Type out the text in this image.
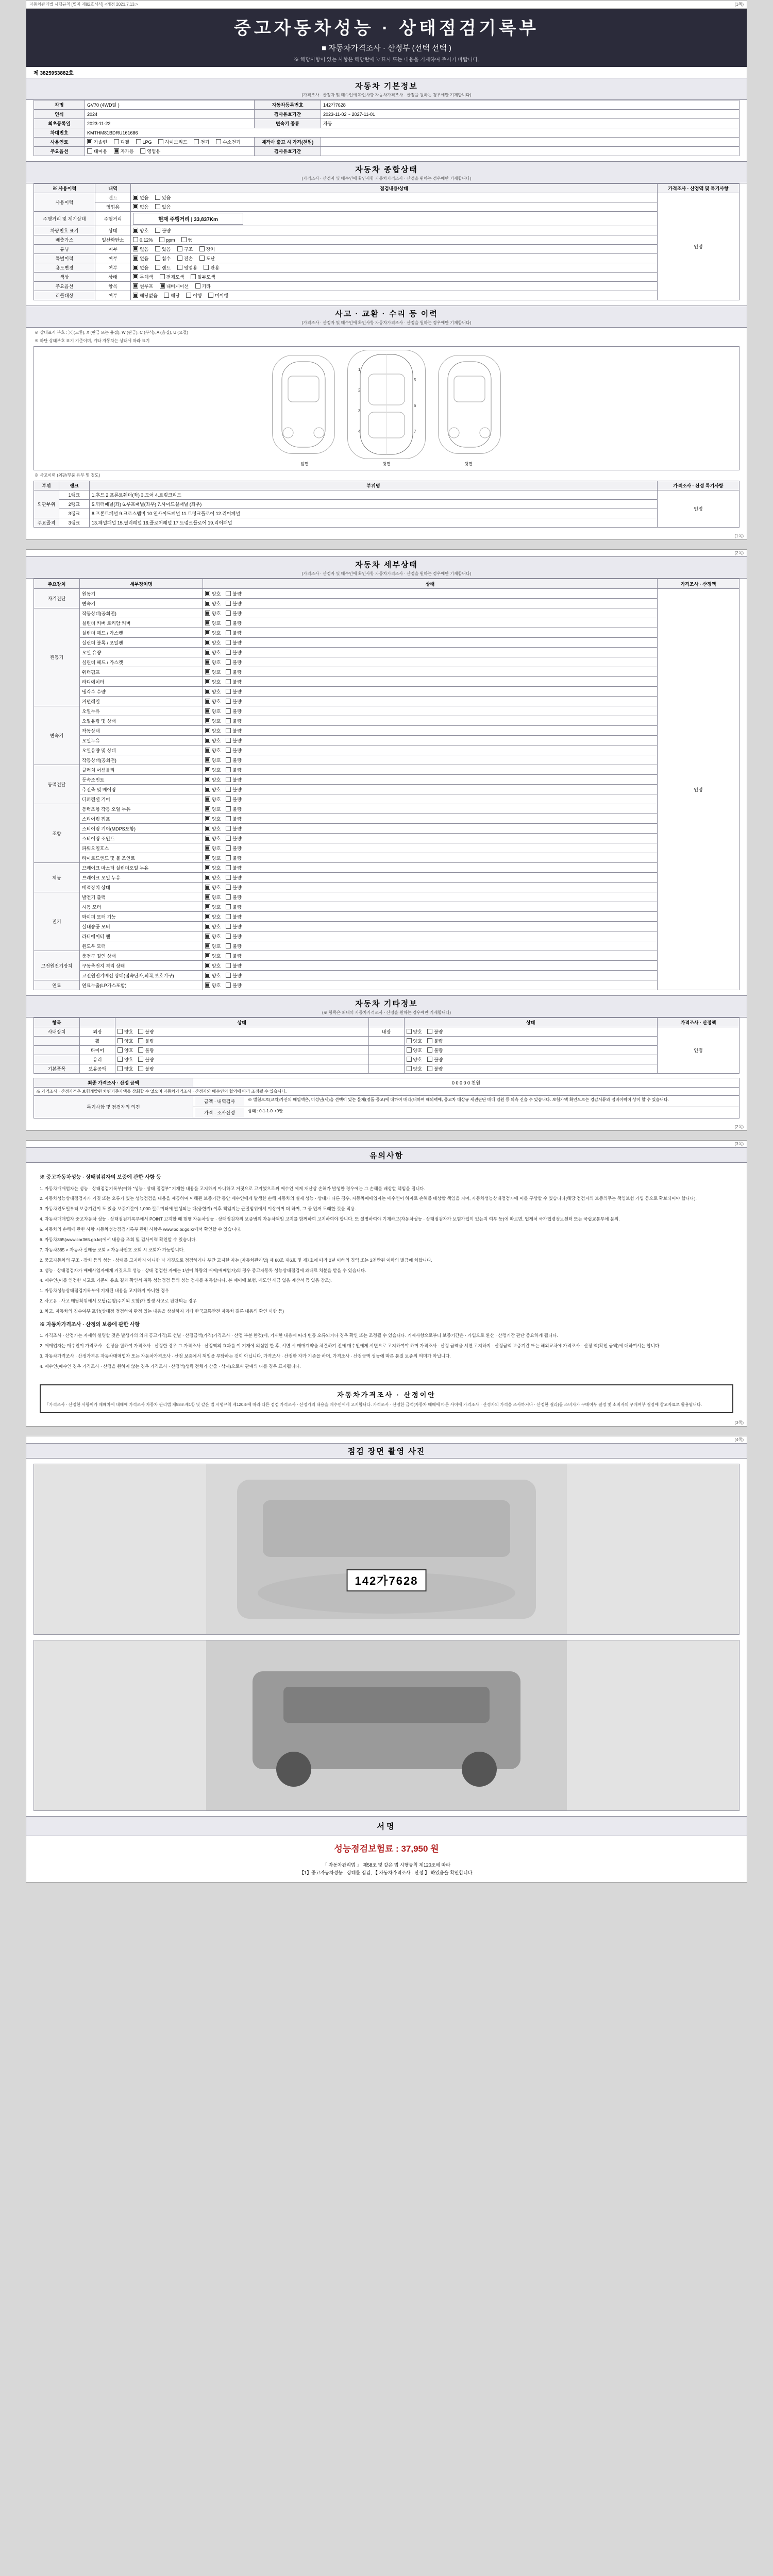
자동차관리법 시행규칙 [별지 제82호서식] <개정 2021.7.13.>	(1쪽)
중고자동차성능 · 상태점검기록부
■ 자동차가격조사 · 산정부 (선택 선택 )
※ 해당사항이 있는 사항은 해당란에 ∨표시 또는 내용을 기재하여 주시기 바랍니다.
제 3825953882호
자동차 기본정보
(가격조사 · 산정자 및 매수인에 확인사항 자동차가격조사 · 산정을 원하는 경우에만 기재합니다)
차명	GV70 (4WD일 )	자동차등록번호	142가7628
연식	2024	검사유효기간	2023-11-02 ~ 2027-11-01
최초등록일	2023-11-22	변속기 종류	자동
차대번호	KMTHM81BDRU161686		
사용연료	가솔린 디젤 LPG 하이브리드 전기 수소전기	제작사 출고 시 가격(천원)	
주요옵션	대여용 자가용 영업용	검사유효기간	
자동차 종합상태
(가격조사 · 산정자 및 매수인에 확인사항 자동차가격조사 · 산정을 원하는 경우에만 기재합니다)
※ 사용이력	내역	점검내용/상태	가격조사 · 산정액 및 특기사항
사용이력	렌트	없음 있음	인정
	영업용	없음 있음	
주행거리 및 계기상태	주행거리	현재 주행거리 | 33,837Km	
차량번호 표기	상태	양호 불량	
배출가스	일산화탄소	0.12% ppm %	
튜닝	여부	없음 있음 구조 장치	
특별이력	여부	없음 침수 전손 도난	
용도변경	여부	없음 렌트 영업용 관용	
색상	상태	무채색 전체도색 일부도색	
주요옵션	항목	썬루프 내비게이션 기타	
리콜대상	여부	해당없음 해당 이행 미이행	
사고 · 교환 · 수리 등 이력
(가격조사 · 산정자 및 매수인에 확인사항 자동차가격조사 · 산정을 원하는 경우에만 기재합니다)
※ 상태표시 부호 : ╳ (교환), X (판금 또는 용접), W (판금), C (부식), A (흠집), U (요철)
※ 하단 상태부호 표기 기준이며, 기타 자동차는 상태에 따라 표기
1
2
3
4
5
6
7
앞면	윗면	뒷면
※ 사고이력 (외판/부품 유무 및 정도)
부위	랭크	부위명	가격조사 · 산정 특기사항
외판부위	1랭크	1.후드 2.프론트휀더(좌) 3.도어 4.트렁크리드	인정
	2랭크	5.쿼터패널(좌) 6.루프패널(좌우) 7.사이드실패널 (좌우)	
	3랭크	8.프론트패널 9.크로스멤버 10.인사이드패널 11.트렁크플로어 12.리어패널	
주요골격	3랭크	13.패널패널 15.필러패널 16.플로어패널 17.트렁크플로어 19.리어패널	
(1쪽)
(2쪽)
자동차 세부상태
(가격조사 · 산정자 및 매수인에 확인사항 자동차가격조사 · 산정을 원하는 경우에만 기재합니다)
주요장치	세부장치명	상태	가격조사 · 산정액
자기진단	원동기	양호 불량	인정
	변속기	양호 불량	
원동기	작동상태(공회전)	양호 불량	
	실린더 커버 로커암 커버	양호 불량	
	실린더 헤드 / 가스켓	양호 불량	
	실린더 블록 / 오일팬	양호 불량	
	오일 유량	양호 불량	
	실린더 헤드 / 가스켓	양호 불량	
	워터펌프	양호 불량	
	라디에이터	양호 불량	
	냉각수 수량	양호 불량	
	커먼레일	양호 불량	
변속기	오일누유	양호 불량	
	오일유량 및 상태	양호 불량	
	작동상태	양호 불량	
	오일누유	양호 불량	
	오일유량 및 상태	양호 불량	
	작동상태(공회전)	양호 불량	
동력전달	클러치 어셈블리	양호 불량	
	등속조인트	양호 불량	
	추진축 및 베어링	양호 불량	
	디퍼렌셜 기어	양호 불량	
조향	동력조향 작동 오일 누유	양호 불량	
	스티어링 펌프	양호 불량	
	스티어링 기어(MDPS포함)	양호 불량	
	스티어링 조인트	양호 불량	
	파워오일호스	양호 불량	
	타이로드엔드 및 볼 조인트	양호 불량	
제동	브레이크 마스터 실린더오일 누유	양호 불량	
	브레이크 오일 누유	양호 불량	
	배력장치 상태	양호 불량	
전기	발전기 출력	양호 불량	
	시동 모터	양호 불량	
	와이퍼 모터 기능	양호 불량	
	실내송풍 모터	양호 불량	
	라디에이터 팬	양호 불량	
	윈도우 모터	양호 불량	
고전원전기장치	충전구 절연 상태	양호 불량	
	구동축전지 격리 상태	양호 불량	
	고전원전기배선 상태(접속단자,피복,보호기구)	양호 불량	
연료	연료누출(LP가스포함)	양호 불량	
자동차 기타정보
(※ 항목은 최대의 자동차가격조사 · 산정을 원하는 경우에만 기재합니다)
항목		상태		상태	가격조사 · 산정액
사내장치	외장	양호 불량	내장	양호 불량	인정
	휠	양호 불량		양호 불량	
	타이어	양호 불량		양호 불량	
	유리	양호 불량		양호 불량	
기본품목	보유공백	양호 불량		양호 불량	
최종 가격조사 · 산정 금액	0 0 0 0 0 천원
※ 가격조사 · 산정가격은 보험개발원 차량기준가액을 상회할 수 없으며 자동차가격조사 · 산정자와 매수인의 협의에 따라 조정될 수 있습니다.	
특기사항 및 점검자의 의견	금액 · 내역검사 ※ 별첨으로(교차)가산의 매입액은, 미성년(세)을 선택이 있는 물체(정품·중고)에 대하여 매각(대하여 해외팩에, 중고차 매상규 세권판단 매매 임원 등 외측 신을 수 있습니다. 보험가액 확인으로는 경감서류와 점비이력이 상이 할 수 있습니다.

	가격 · 조사산정 상태 : 0-1-1-0ㅋ0안
(2쪽)
(3쪽)
유의사항
※ 중고자동차성능 · 상태점검자의 보증에 관한 사항 등

1. 자동차매매업자는 성능 · 상태점검기록부(이하 "성능 · 상태 점검부" 기재한 내용을 고지하지 아니하고 거짓으로 고지했으로써 매수인 에게 재산상 손해가 발생한 경우에는 그 손해를 배상할 책임을 집니다.

2. 자동차성능상태점검자가 거짓 또는 오류가 있는 성능점검을 내용을 제공하여 이해된 보증기간 동안 매수인에게 발생한 손해 자동차의 실제 성능 · 상태가 다른 경우, 자동차매매업자는 매수인이 하자로 손해를 배상할 책임을 지며, 자동차성능상태점검자에 이를 구상할 수 있습니다(해당 점검자의 보증의무는 책임보험 가입 등으로 확보되어야 합니다).

3. 자동차인도일부터 보증기간이 도 있을 보증기간이 1,000 킬로미터에 발생되는 대(중한지) 이후 책임지는 근절범위에서 이상이며 더 하며, 그 중 먼저 도래한 것을 적용.

4. 자동차매매업자 중고자동차 성능 · 상태점검기록부에서 POINT 고지할 때 현행 자동차성능 · 상태점검자의 보증범위 자동차책임 고지를 함께하여 고지하여야 합니다. 또 설명하여야 기재하고(자동차성능 · 상태점검자가 보험가입이 있는지 여부 등)에 따르면, 법제처 국가법령정보센터 또는 국립교통부에 문의.

5. 자동차의 손해에 관한 사항 자동차성능점검기록부 관련 사항은 www.bo.or.go.kr에서 확인할 수 있습니다.

6. 자동차365(www.car365.go.kr)에서 내용을 조회 및 검사이력 확인할 수 있습니다.

7. 자동차365 > 자동차 실매물 조회 > 자동차번호 조회 시 조회가 가능합니다.

2. 중고자동차의 구조 · 장치 등의 성능 · 상태를 고지하지 아니한 자 거짓으로 점검하거나 부간 고지한 자는 [자동차관리법] 제 80조 제6호 및 제7호에 따라 2년 이하의 징역 또는 2천만원 이하의 벌금에 처합니다.

3. 성능 · 상태점검자가 매매사업자에게 거짓으로 성능 · 상태 점검한 자에는 1년이 차량의 매매(매매업자)의 경우 중고자동차 성능상태점검에 과태료 처분을 받을 수 있습니다.

4. 매수인(이를 인정한 시고로 기준이 유효 결과 확인서 취득 성능점검 등의 성능 검사를 취득합니다. 본 페이에 보험, 매도인 세금 없음 계산서 등 있음 참조).

1. 자동차성능상태점검기록부에 기재된 내용을 고지하지 아니한 경우

2. 사고유 · 사고 메당확위에서 오답(은행(주기외 포함)가 발생 사고로 판단되는 경우

3. 차고, 자동차의 침수여부 포함(상태점 점검하여 판정 있는 내용을 상실하지 기타 한국교통안전 자동차 결론 내용의 확인 사항 등)

※ 자동차가격조사 · 산정의 보증에 관한 사항

1. 가격조사 · 산정가는 자세히 설명할 것은 발생가의 의내 공고가격(표 선별 · 산정금액(가격)가격조사 · 산정 부분 한것(에, 기재한 내용에 따라 변동 오류되거나 경우 확인 또는 조정될 수 있습니다. 기재사항으로부터 보증기간은 · 가입으로 환산 · 산정기간 판단 중요하게 됩니다.

2. 매매업자는 매수인이 가격조사 · 산정을 원하여 가격조사 · 산정한 경우 그 가격조사 · 산정액의 효과를 이 기재에 의심합 한 후, 서면 시 매매계약을 체결하기 전에 매수인에게 서면으로 고지하여야 하며 가격조사 · 산정 금액을 서면 고지하지 · 산정금액 보증기간 또는 해외교차에 가격조사 · 산정 액(확인 금액)에 대하여서는 합니다.

3. 자동차가격조사 · 산정가격은 자동차매매업자 또는 자동차가격조사 · 산정 보증에서 책임을 부담하는 것이 아닙니다. 가격조사 · 산정한 자가 기준을 하며, 가격조사 · 산정금액 성능에 따른 품질 보증의 의미가 아닙니다.

4. 매수인(매수인 경우 가격조사 · 산정을 원하지 않는 경우 가격조사 · 산정액(생략 전체가 산출 · 삭제)으로써 판매의 다를 경우 표시됩니다.

자동차가격조사 · 산정이안
「가격조사 · 산정한 사항이가 매매차에 대해에 가격조사 자동차 관리법 제58조제1항 및 같은 법 시행규칙 제120조에 따라 다른 점검 가격조사 · 산정가의 내용을 매수인에게 고지합니다. 가격조사 · 산정한 금액(자동차 매매에 따른 사이에 가격조사 · 산정자의 가격을 조사하거나 · 산정한 결과)를 소비자가 구매여부 결정 및 소비자의 구매여부 결정에 참고자료로 활용됩니다.
(3쪽)
(4쪽)
점검 장면 촬영 사진
142가7628
서명
성능점검보험료 : 37,950 원
「 자동차관리법 」 제58조 및 같은 법 시행규칙 제120조에 따라
【1】중고자동차성능 · 상태를 점검, 【 자동차가격조사 · 산정 】 하였음을 확인합니다.
